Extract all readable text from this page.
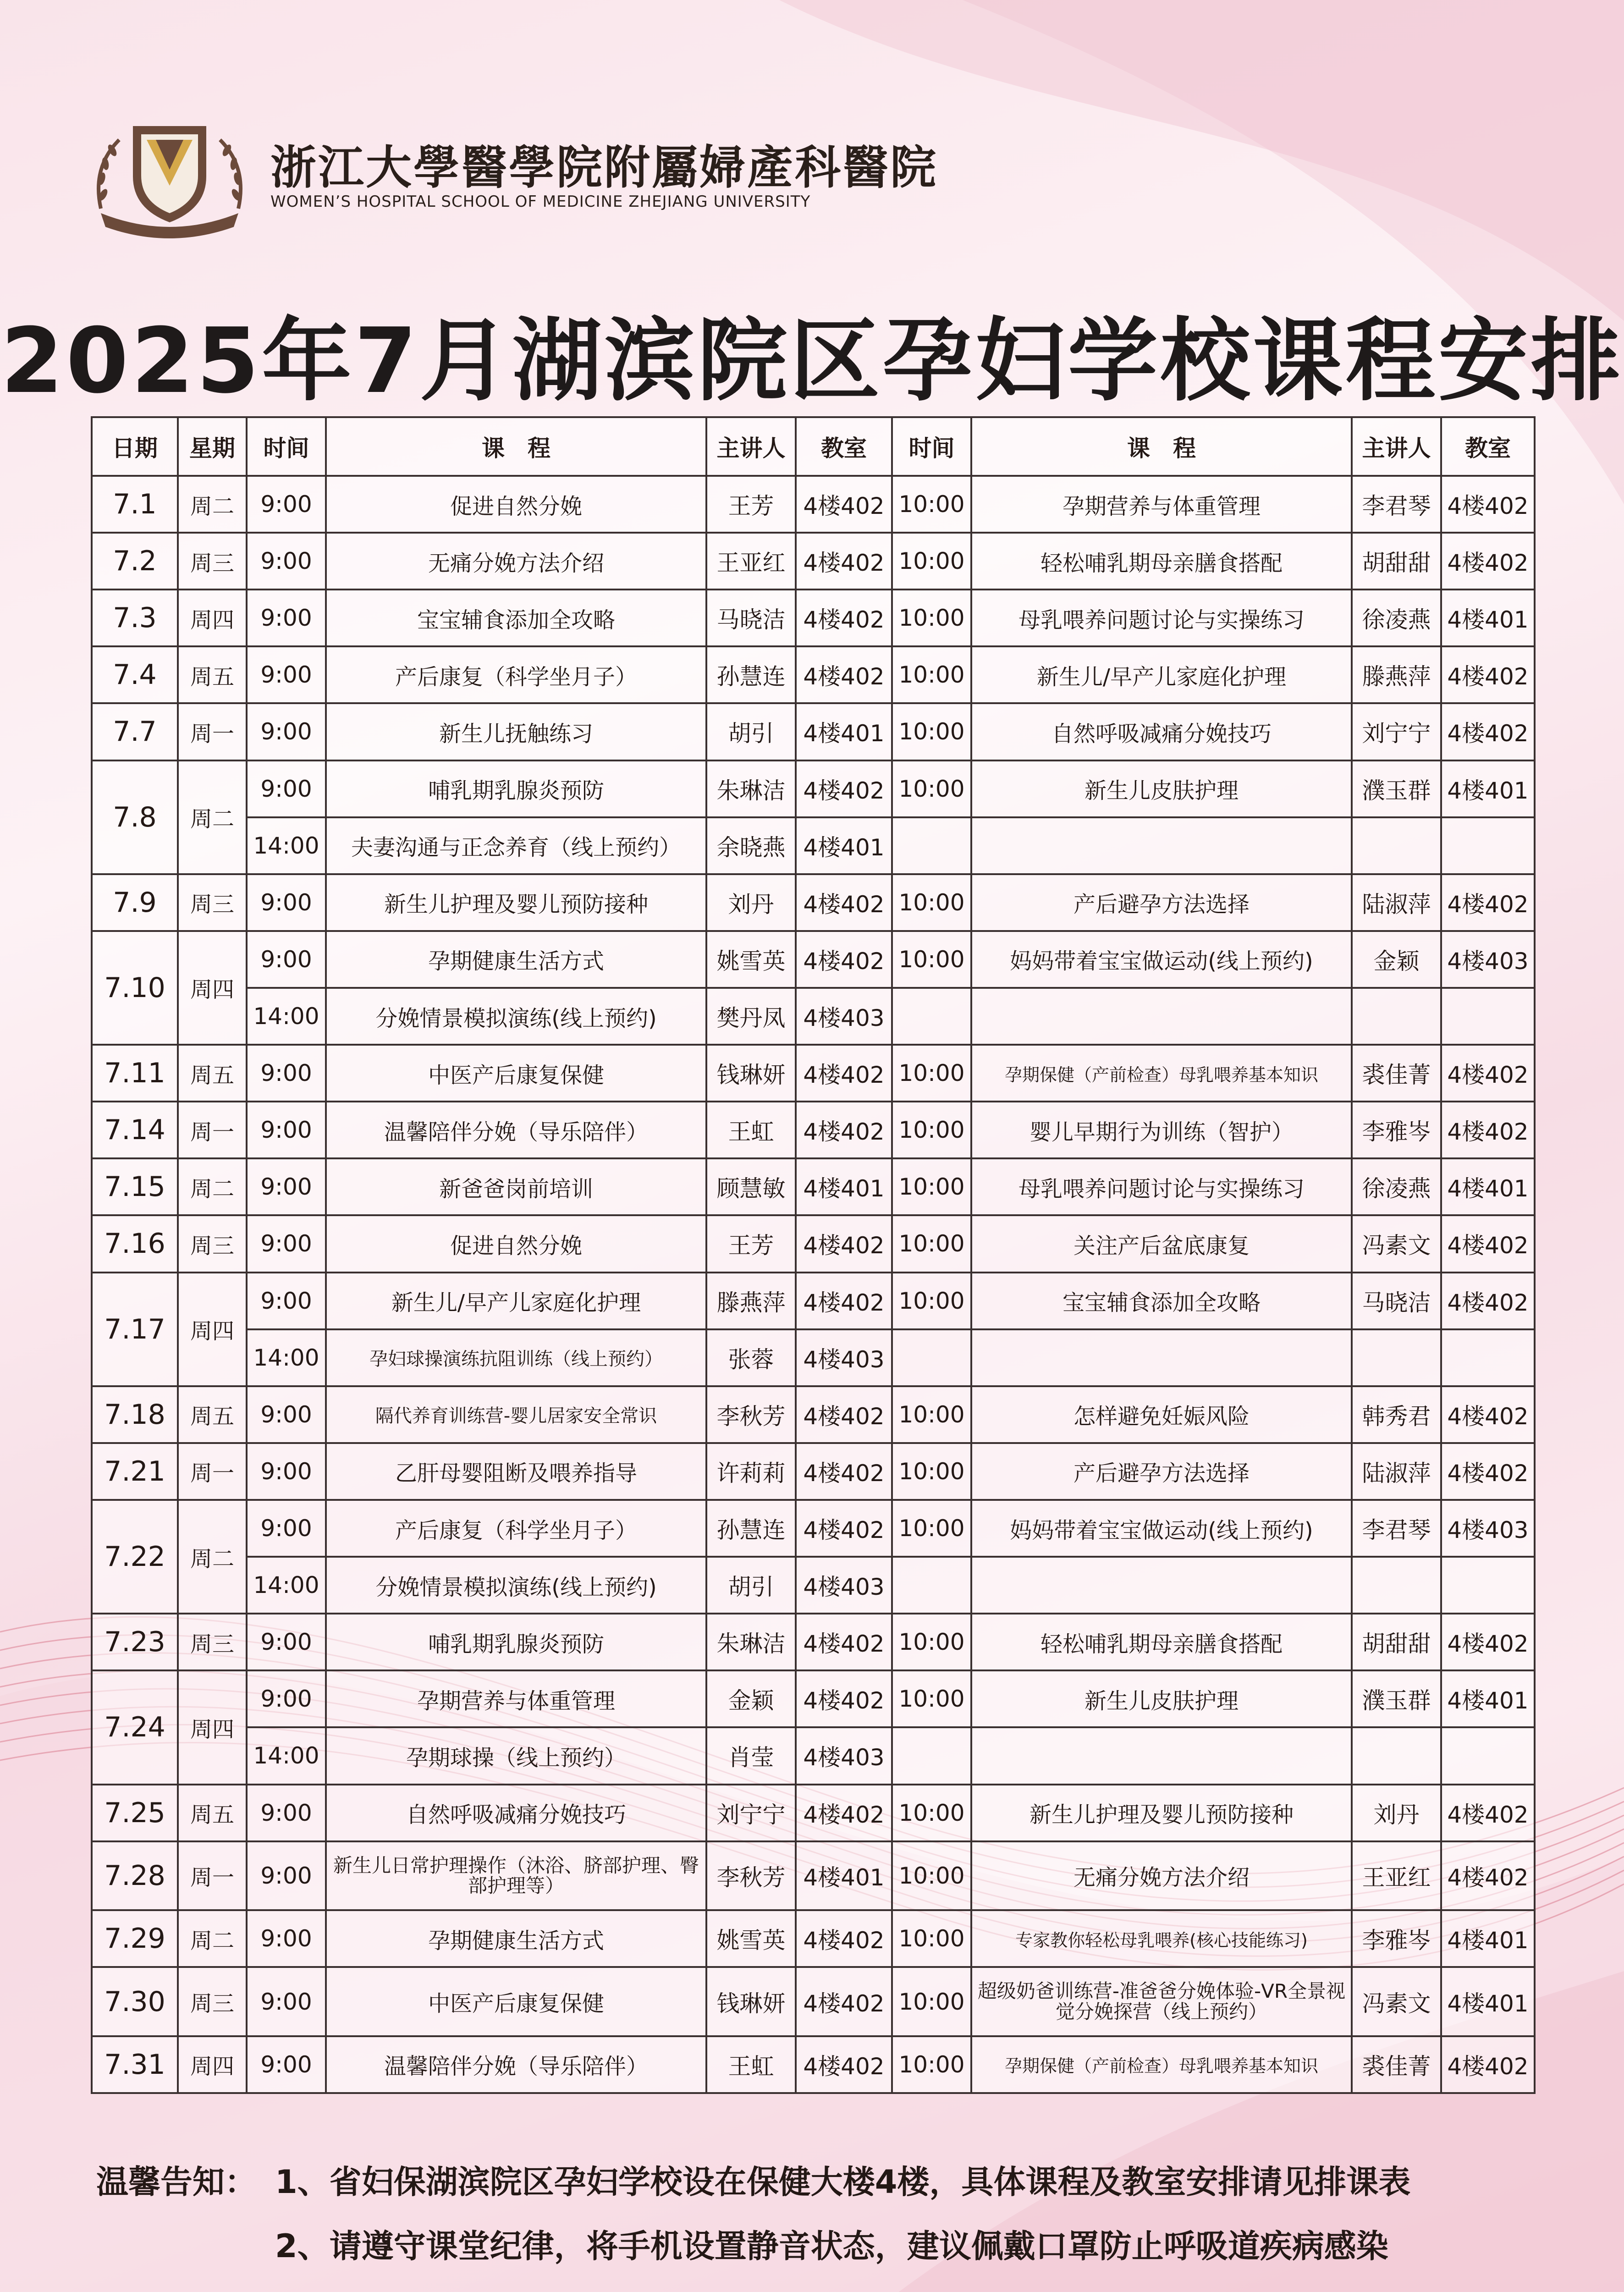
浙江大學醫學院附屬婦產科醫院
WOMEN’S HOSPITAL SCHOOL OF MEDICINE ZHEJIANG UNIVERSITY
2025年7月湖滨院区孕妇学校课程安排
日期	星期	时间	课　程	主讲人	教室	时间	课　程	主讲人	教室
7.1	周二	9:00	促进自然分娩	王芳	4楼402	10:00	孕期营养与体重管理	李君琴	4楼402
7.2	周三	9:00	无痛分娩方法介绍	王亚红	4楼402	10:00	轻松哺乳期母亲膳食搭配	胡甜甜	4楼402
7.3	周四	9:00	宝宝辅食添加全攻略	马晓洁	4楼402	10:00	母乳喂养问题讨论与实操练习	徐凌燕	4楼401
7.4	周五	9:00	产后康复（科学坐月子）	孙慧连	4楼402	10:00	新生儿/早产儿家庭化护理	滕燕萍	4楼402
7.7	周一	9:00	新生儿抚触练习	胡引	4楼401	10:00	自然呼吸减痛分娩技巧	刘宁宁	4楼402
7.8	周二	9:00	哺乳期乳腺炎预防	朱琳洁	4楼402	10:00	新生儿皮肤护理	濮玉群	4楼401
		14:00	夫妻沟通与正念养育（线上预约）	余晓燕	4楼401				
7.9	周三	9:00	新生儿护理及婴儿预防接种	刘丹	4楼402	10:00	产后避孕方法选择	陆淑萍	4楼402
7.10	周四	9:00	孕期健康生活方式	姚雪英	4楼402	10:00	妈妈带着宝宝做运动(线上预约)	金颖	4楼403
		14:00	分娩情景模拟演练(线上预约)	樊丹凤	4楼403				
7.11	周五	9:00	中医产后康复保健	钱琳妍	4楼402	10:00	孕期保健（产前检查）母乳喂养基本知识	裘佳菁	4楼402
7.14	周一	9:00	温馨陪伴分娩（导乐陪伴）	王虹	4楼402	10:00	婴儿早期行为训练（智护）	李雅岑	4楼402
7.15	周二	9:00	新爸爸岗前培训	顾慧敏	4楼401	10:00	母乳喂养问题讨论与实操练习	徐凌燕	4楼401
7.16	周三	9:00	促进自然分娩	王芳	4楼402	10:00	关注产后盆底康复	冯素文	4楼402
7.17	周四	9:00	新生儿/早产儿家庭化护理	滕燕萍	4楼402	10:00	宝宝辅食添加全攻略	马晓洁	4楼402
		14:00	孕妇球操演练抗阻训练（线上预约）	张蓉	4楼403				
7.18	周五	9:00	隔代养育训练营-婴儿居家安全常识	李秋芳	4楼402	10:00	怎样避免妊娠风险	韩秀君	4楼402
7.21	周一	9:00	乙肝母婴阻断及喂养指导	许莉莉	4楼402	10:00	产后避孕方法选择	陆淑萍	4楼402
7.22	周二	9:00	产后康复（科学坐月子）	孙慧连	4楼402	10:00	妈妈带着宝宝做运动(线上预约)	李君琴	4楼403
		14:00	分娩情景模拟演练(线上预约)	胡引	4楼403				
7.23	周三	9:00	哺乳期乳腺炎预防	朱琳洁	4楼402	10:00	轻松哺乳期母亲膳食搭配	胡甜甜	4楼402
7.24	周四	9:00	孕期营养与体重管理	金颖	4楼402	10:00	新生儿皮肤护理	濮玉群	4楼401
		14:00	孕期球操（线上预约）	肖莹	4楼403				
7.25	周五	9:00	自然呼吸减痛分娩技巧	刘宁宁	4楼402	10:00	新生儿护理及婴儿预防接种	刘丹	4楼402
7.28	周一	9:00	新生儿日常护理操作（沐浴、脐部护理、臀部护理等）	李秋芳	4楼401	10:00	无痛分娩方法介绍	王亚红	4楼402
7.29	周二	9:00	孕期健康生活方式	姚雪英	4楼402	10:00	专家教你轻松母乳喂养(核心技能练习)	李雅岑	4楼401
7.30	周三	9:00	中医产后康复保健	钱琳妍	4楼402	10:00	超级奶爸训练营-准爸爸分娩体验-VR全景视觉分娩探营（线上预约）	冯素文	4楼401
7.31	周四	9:00	温馨陪伴分娩（导乐陪伴）	王虹	4楼402	10:00	孕期保健（产前检查）母乳喂养基本知识	裘佳菁	4楼402
温馨告知： 1、省妇保湖滨院区孕妇学校设在保健大楼4楼，具体课程及教室安排请见排课表
2、请遵守课堂纪律，将手机设置静音状态，建议佩戴口罩防止呼吸道疾病感染
